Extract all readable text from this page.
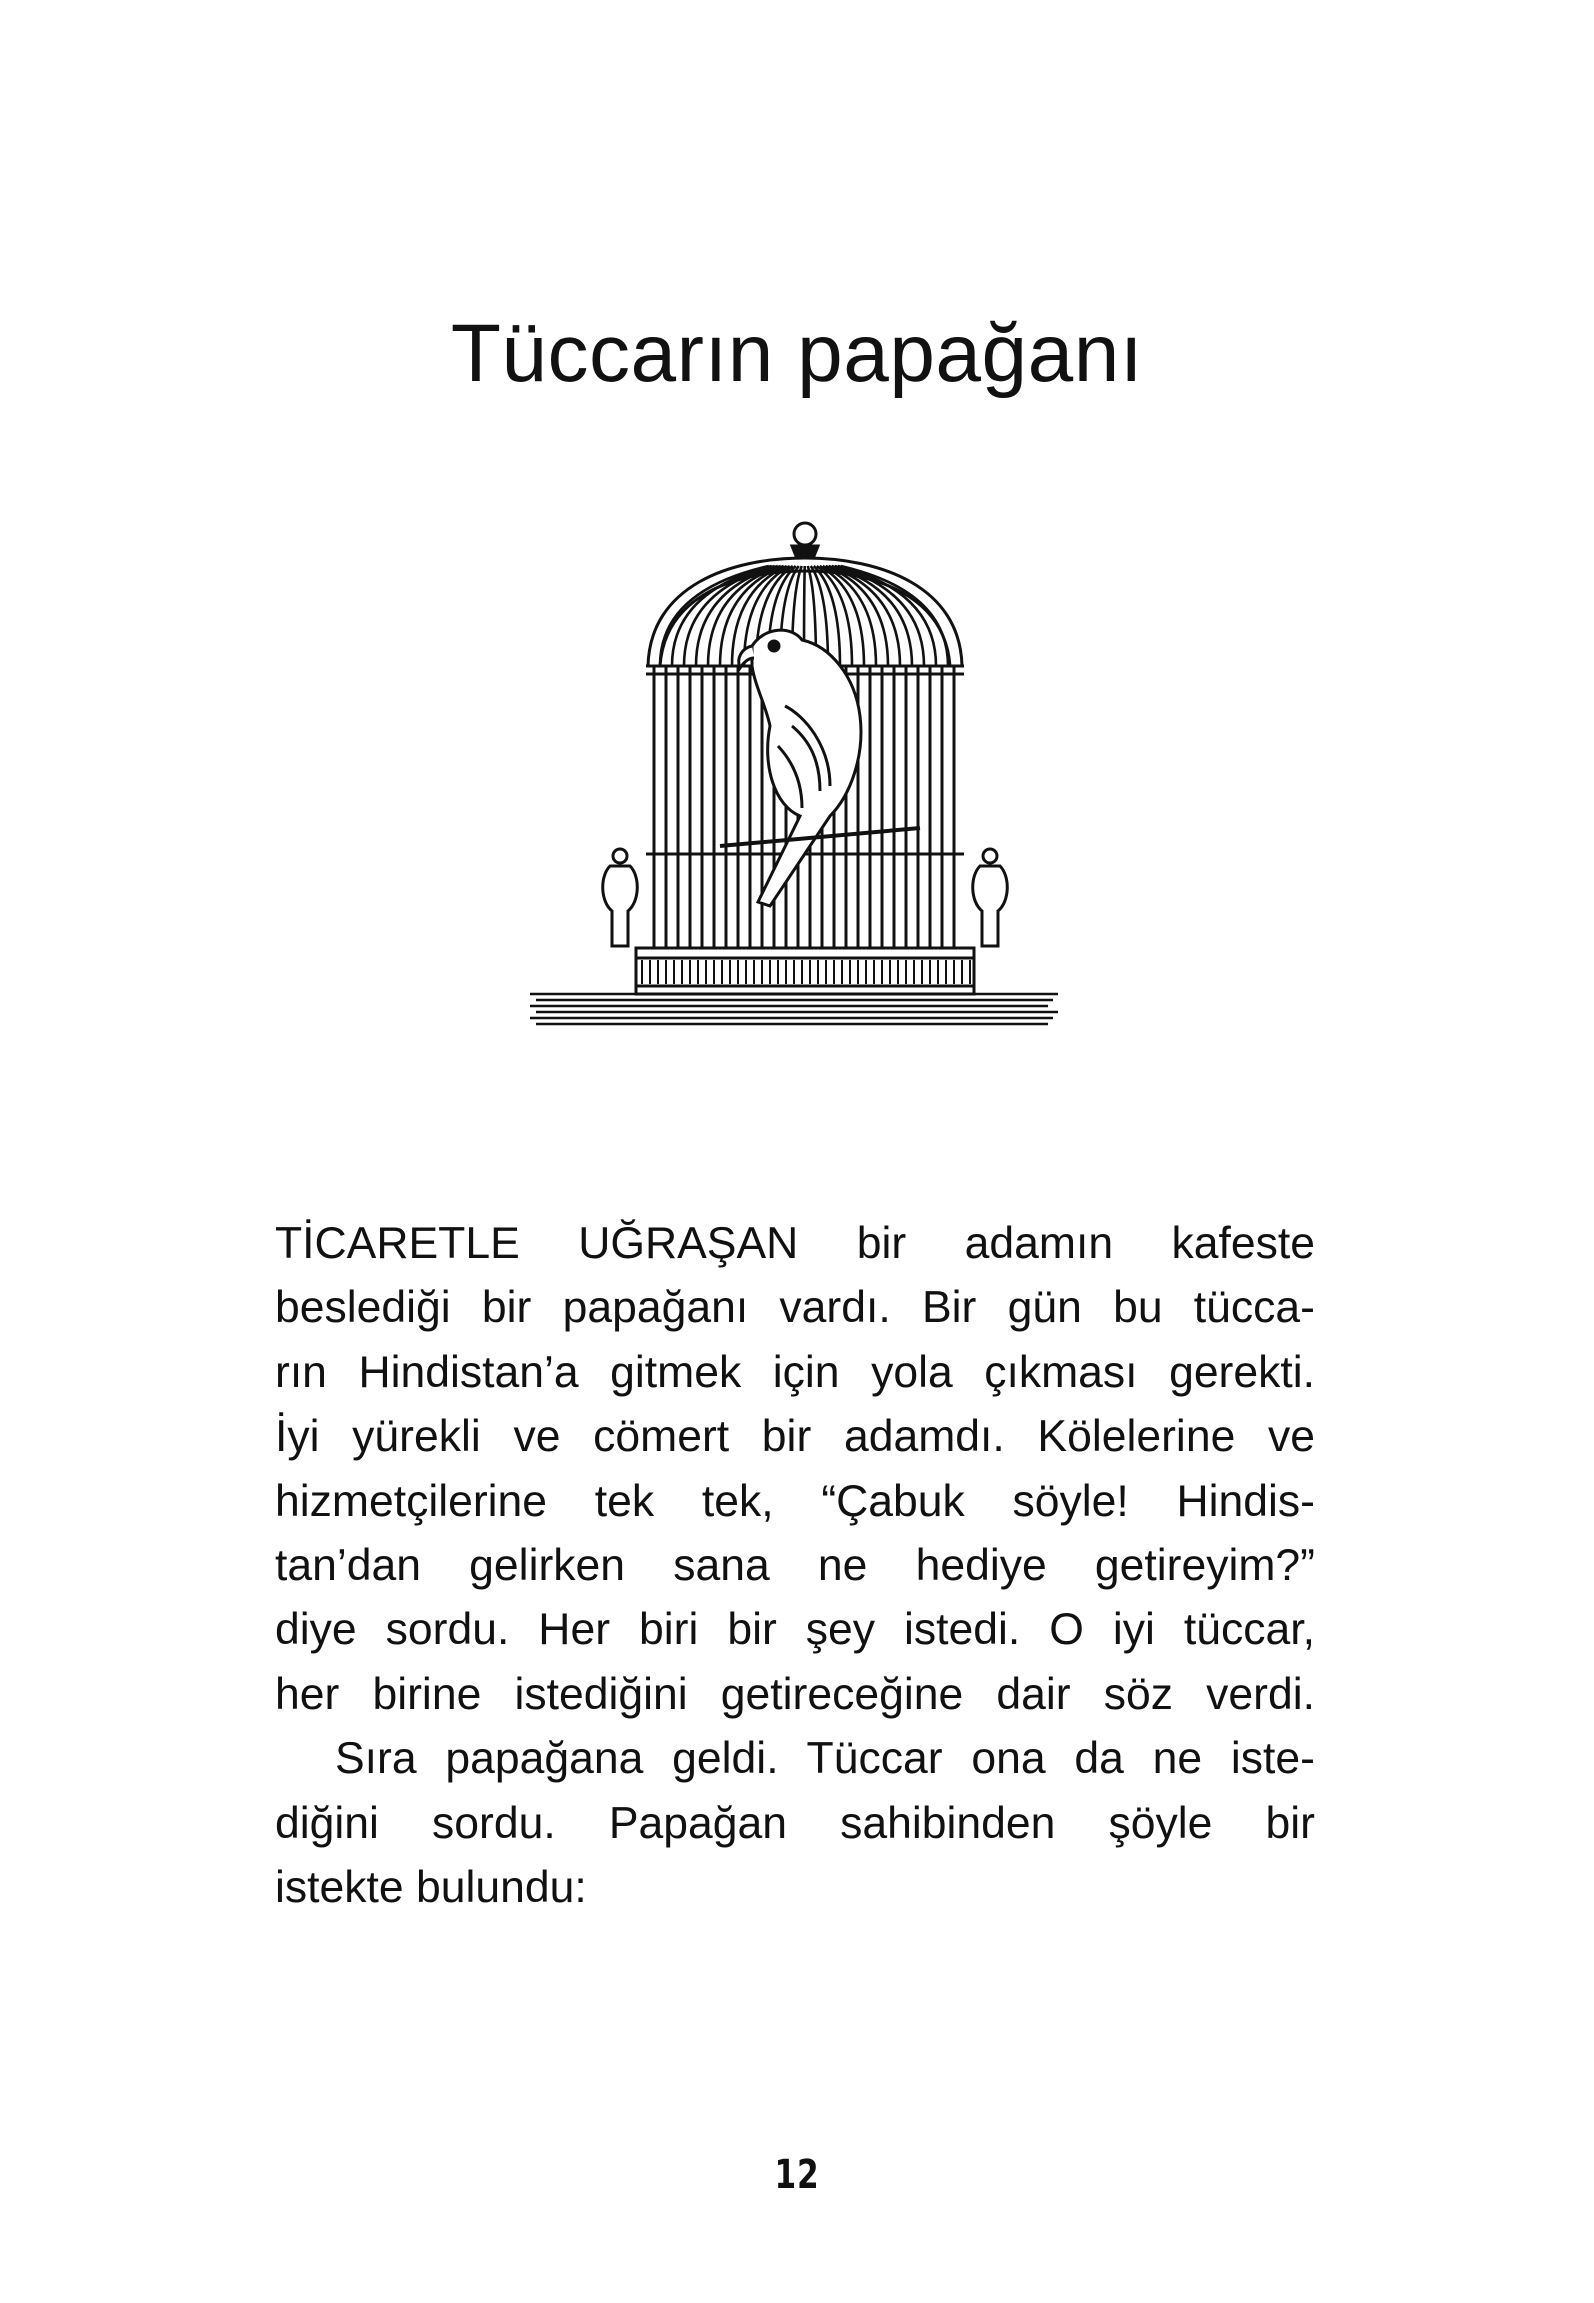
Tüccarın papağanı
TİCARETLE UĞRAŞAN bir adamın kafeste
beslediği bir papağanı vardı. Bir gün bu tücca-
rın Hindistan’a gitmek için yola çıkması gerekti.
İyi yürekli ve cömert bir adamdı. Kölelerine ve
hizmetçilerine tek tek, “Çabuk söyle! Hindis-
tan’dan gelirken sana ne hediye getireyim?”
diye sordu. Her biri bir şey istedi. O iyi tüccar,
her birine istediğini getireceğine dair söz verdi.
Sıra papağana geldi. Tüccar ona da ne iste-
diğini sordu. Papağan sahibinden şöyle bir
istekte bulundu:
12
